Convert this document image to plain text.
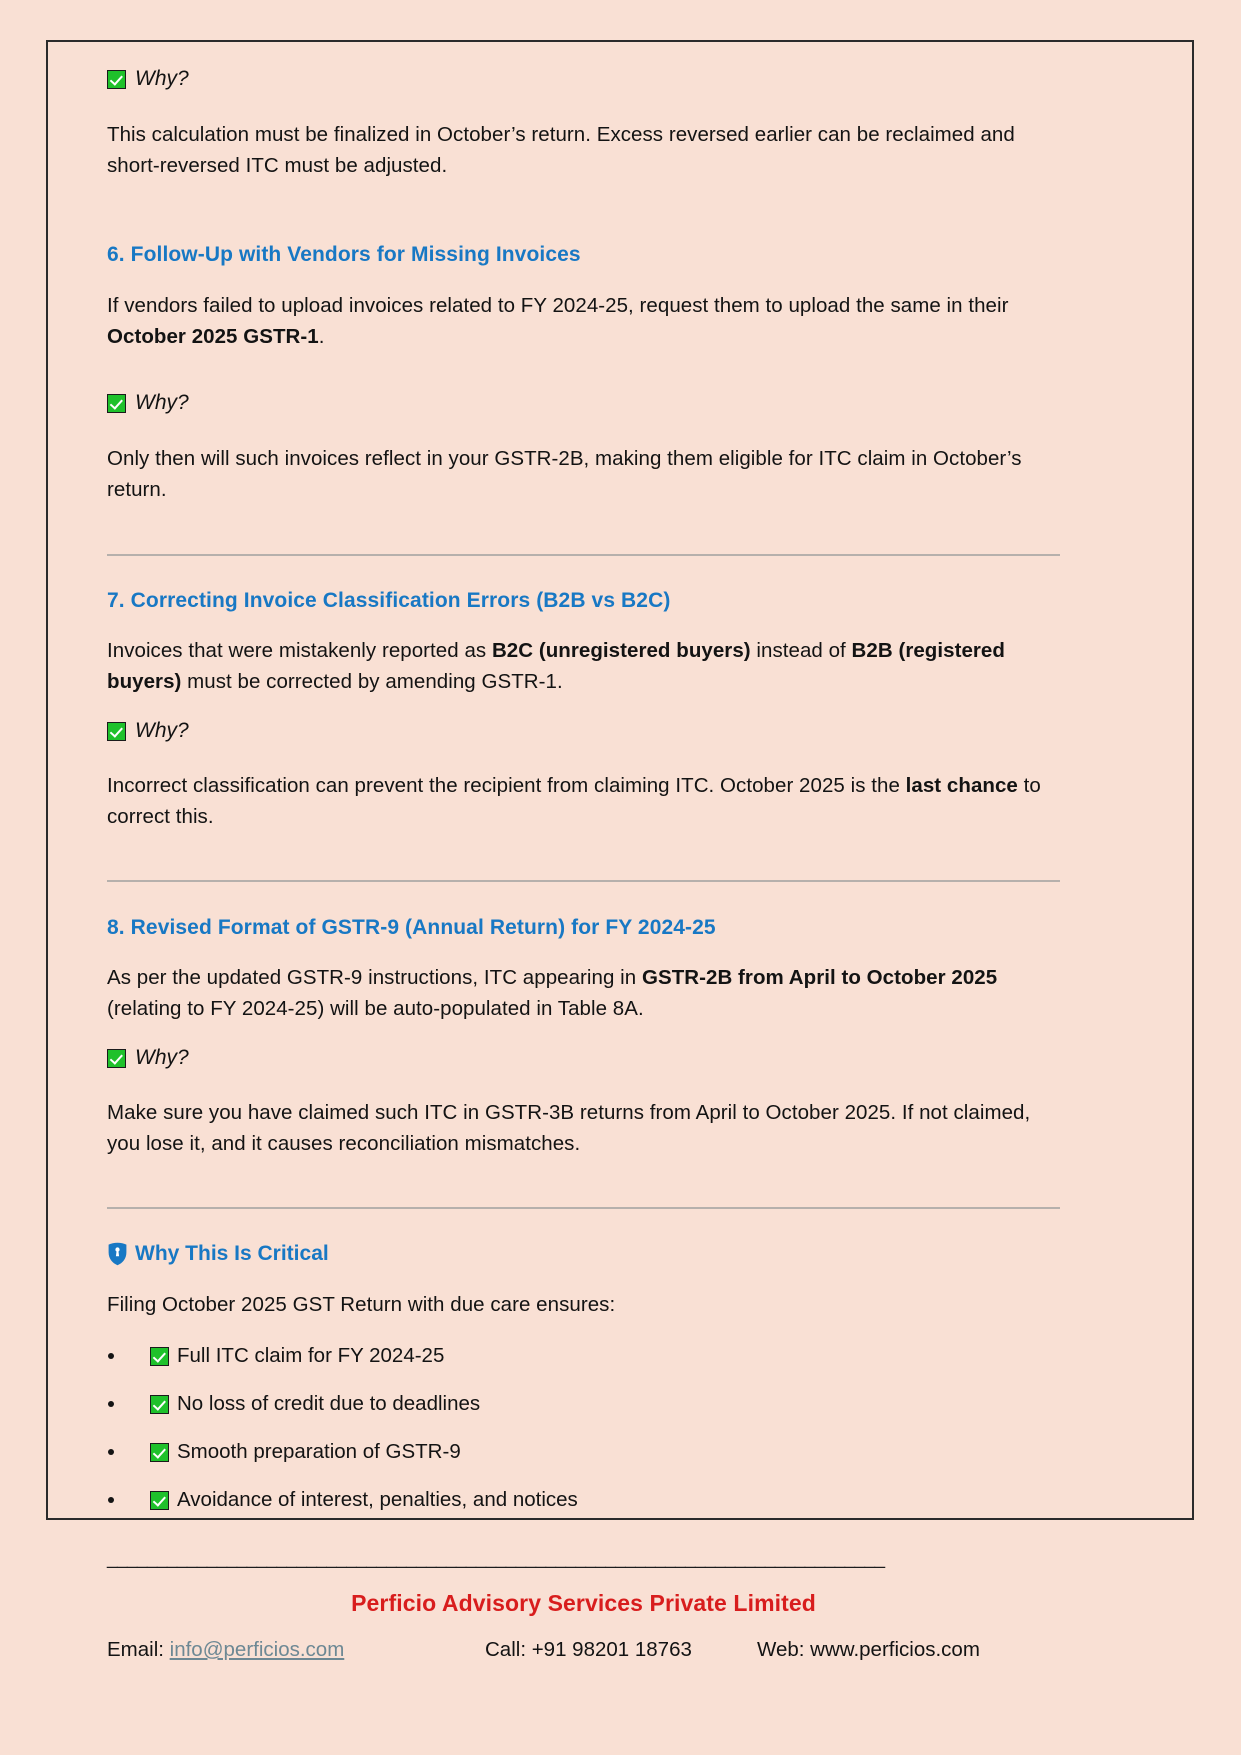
Why?

This calculation must be finalized in October’s return. Excess reversed earlier can be reclaimed and short-reversed ITC must be adjusted.

6. Follow-Up with Vendors for Missing Invoices

If vendors failed to upload invoices related to FY 2024-25, request them to upload the same in their October 2025 GSTR-1.

Why?

Only then will such invoices reflect in your GSTR-2B, making them eligible for ITC claim in October’s return.

7. Correcting Invoice Classification Errors (B2B vs B2C)

Invoices that were mistakenly reported as B2C (unregistered buyers) instead of B2B (registered buyers) must be corrected by amending GSTR-1.

Why?

Incorrect classification can prevent the recipient from claiming ITC. October 2025 is the last chance to correct this.

8. Revised Format of GSTR-9 (Annual Return) for FY 2024-25

As per the updated GSTR-9 instructions, ITC appearing in GSTR-2B from April to October 2025 (relating to FY 2024-25) will be auto-populated in Table 8A.

Why?

Make sure you have claimed such ITC in GSTR-3B returns from April to October 2025. If not claimed, you lose it, and it causes reconciliation mismatches.

Why This Is Critical

Filing October 2025 GST Return with due care ensures:

Full ITC claim for FY 2024-25
No loss of credit due to deadlines
Smooth preparation of GSTR-9
Avoidance of interest, penalties, and notices
______________________________________________________________________________
Perficio Advisory Services Private Limited
Email: info@perficios.com	Call: +91 98201 18763	Web: www.perficios.com
